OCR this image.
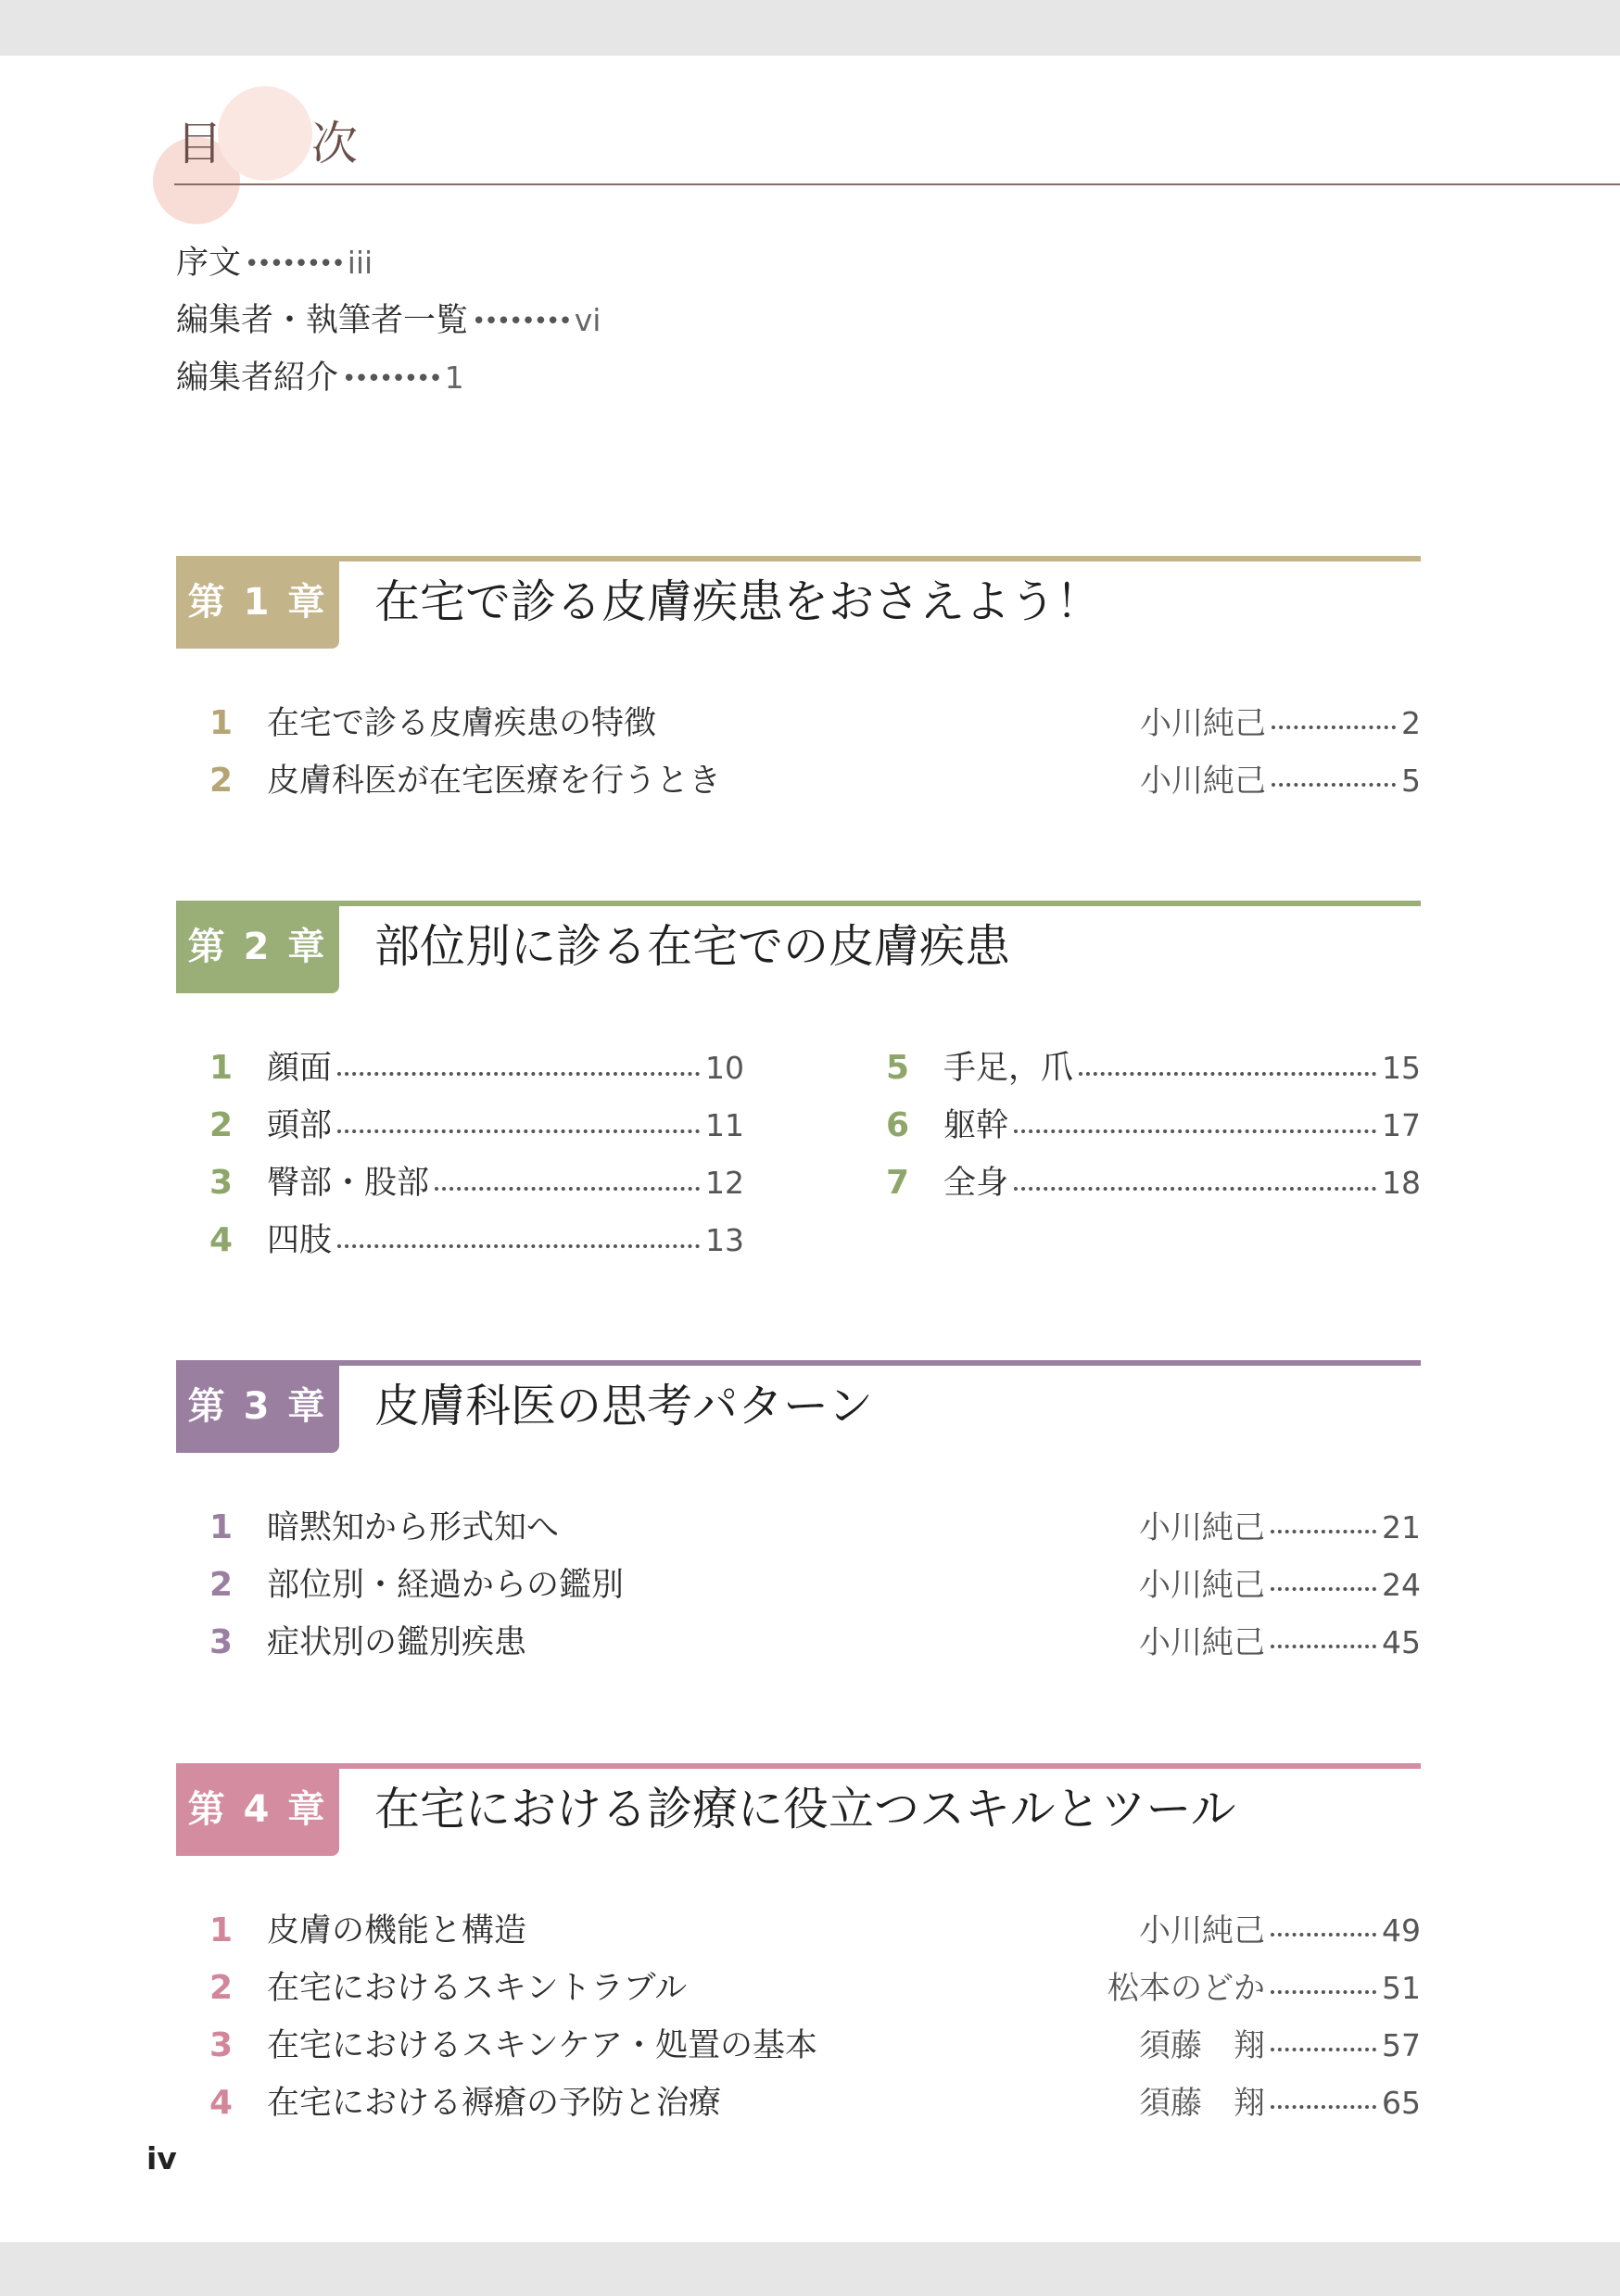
目 次
序文 •••••••• iii
編集者・執筆者一覧 •••••••• vi
編集者紹介 •••••••• 1
第 1 章 在宅で診る皮膚疾患をおさえよう！
1	在宅で診る皮膚疾患の特徴	小川純己	2
2	皮膚科医が在宅医療を行うとき	小川純己	5
第 2 章 部位別に診る在宅での皮膚疾患
1	顔面	10
2	頭部	11
3	臀部・股部	12
4	四肢	13
5	手足，爪	15
6	躯幹	17
7	全身	18
第 3 章 皮膚科医の思考パターン
1	暗黙知から形式知へ	小川純己	21
2	部位別・経過からの鑑別	小川純己	24
3	症状別の鑑別疾患	小川純己	45
第 4 章 在宅における診療に役立つスキルとツール
1	皮膚の機能と構造	小川純己	49
2	在宅におけるスキントラブル	松本のどか	51
3	在宅におけるスキンケア・処置の基本	須藤　翔	57
4	在宅における褥瘡の予防と治療	須藤　翔	65
iv
